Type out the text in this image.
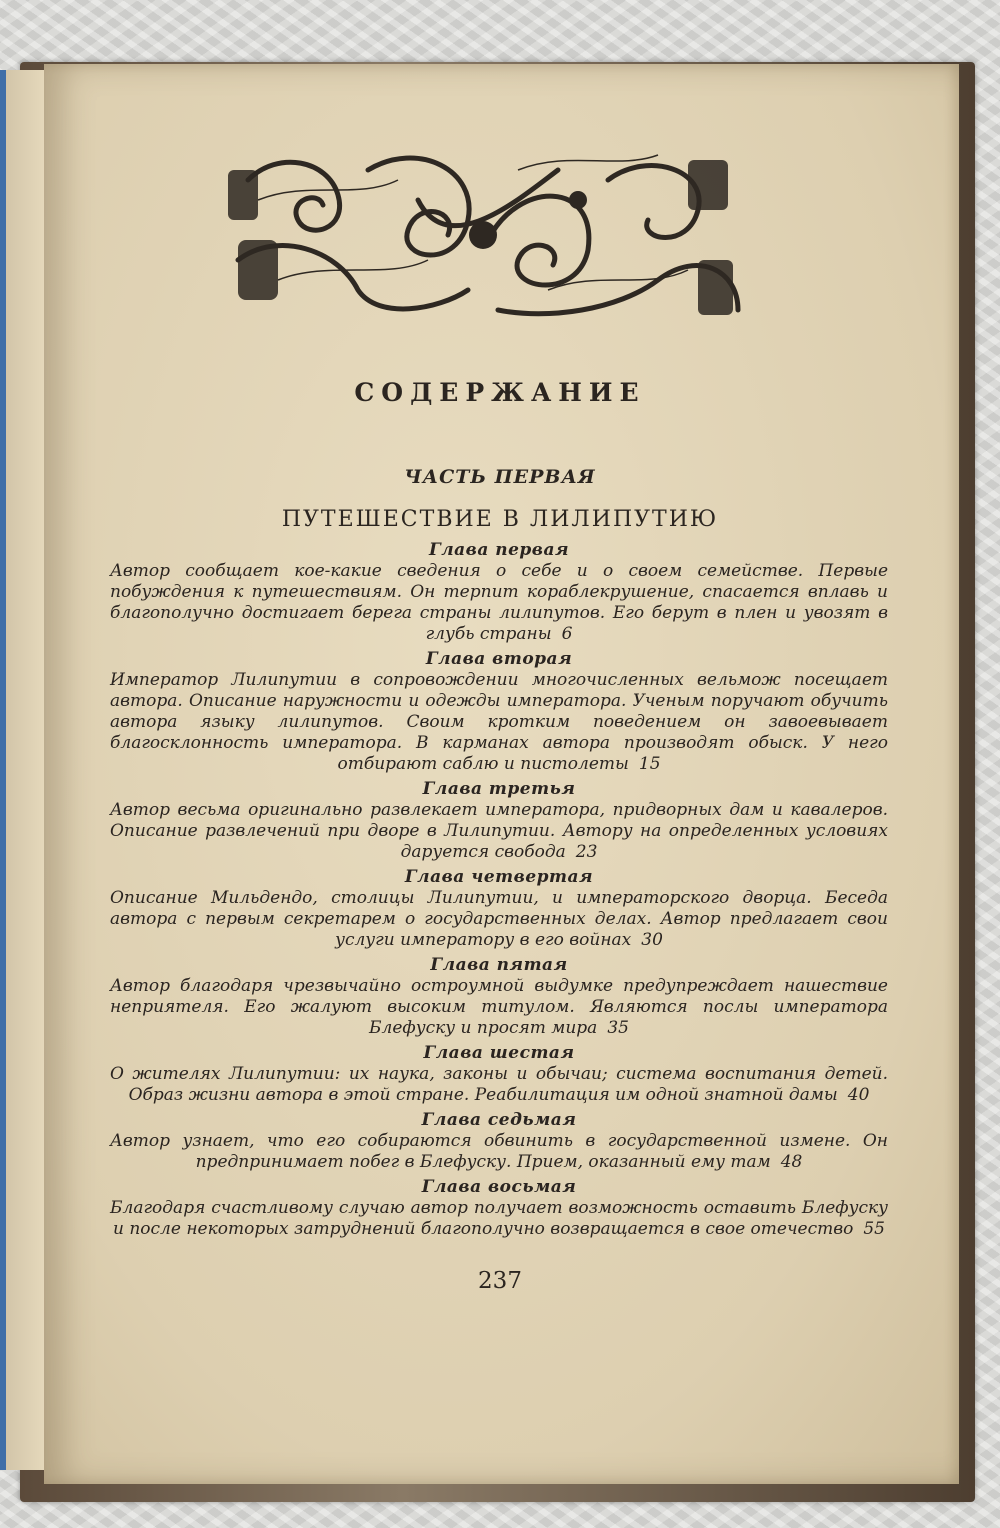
СОДЕРЖАНИЕ
ЧАСТЬ ПЕРВАЯ
ПУТЕШЕСТВИЕ В ЛИЛИПУТИЮ
Глава первая

Автор сообщает кое-какие сведения о себе и о своем семействе. Первые побуждения к путешествиям. Он терпит кораблекрушение, спасается вплавь и благополучно достигает берега страны лилипутов. Его берут в плен и увозят в глубь страны 6

Глава вторая

Император Лилипутии в сопровождении многочисленных вельмож посещает автора. Описание наружности и одежды императора. Ученым поручают обучить автора языку лилипутов. Своим кротким поведением он завоевывает благосклонность императора. В карманах автора производят обыск. У него отбирают саблю и пистолеты 15

Глава третья

Автор весьма оригинально развлекает императора, придворных дам и кавалеров. Описание развлечений при дворе в Лилипутии. Автору на определенных условиях даруется свобода 23

Глава четвертая

Описание Мильдендо, столицы Лилипутии, и императорского дворца. Беседа автора с первым секретарем о государственных делах. Автор предлагает свои услуги императору в его войнах 30

Глава пятая

Автор благодаря чрезвычайно остроумной выдумке предупреждает нашествие неприятеля. Его жалуют высоким титулом. Являются послы императора Блефуску и просят мира 35

Глава шестая

О жителях Лилипутии: их наука, законы и обычаи; система воспитания детей. Образ жизни автора в этой стране. Реабилитация им одной знатной дамы 40

Глава седьмая

Автор узнает, что его собираются обвинить в государственной измене. Он предпринимает побег в Блефуску. Прием, оказанный ему там 48

Глава восьмая

Благодаря счастливому случаю автор получает возможность оставить Блефуску и после некоторых затруднений благополучно возвращается в свое отечество 55

237
